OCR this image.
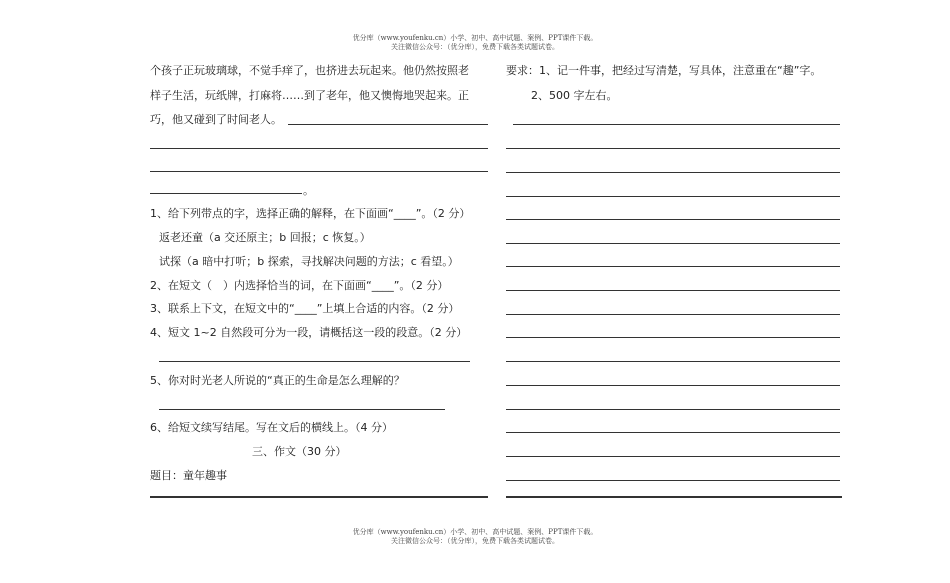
优分库（www.youfenku.cn）小学、初中、高中试题、案例、PPT课件下载。
关注微信公众号：（优分库），免费下载各类试题试卷。
个孩子正玩玻璃球，不觉手痒了，也挤进去玩起来。他仍然按照老
样子生活，玩纸牌，打麻将……到了老年，他又懊悔地哭起来。正
巧，他又碰到了时间老人。
。
1、给下列带点的字，选择正确的解释，在下面画“____”。（2 分）
返老还童（a 交还原主；b 回报；c 恢复。）
试探（a 暗中打听；b 探索，寻找解决问题的方法；c 看望。）
2、在短文（　）内选择恰当的词，在下面画“____”。（2 分）
3、联系上下文，在短文中的“____”上填上合适的内容。（2 分）
4、短文 1~2 自然段可分为一段，请概括这一段的段意。（2 分）
5、你对时光老人所说的“真正的生命是怎么理解的？
6、给短文续写结尾。写在文后的横线上。（4 分）
三、作文（30 分）
题目：童年趣事
要求：1、记一件事，把经过写清楚，写具体，注意重在“趣”字。
2、500 字左右。
优分库（www.youfenku.cn）小学、初中、高中试题、案例、PPT课件下载。
关注微信公众号：（优分库），免费下载各类试题试卷。
